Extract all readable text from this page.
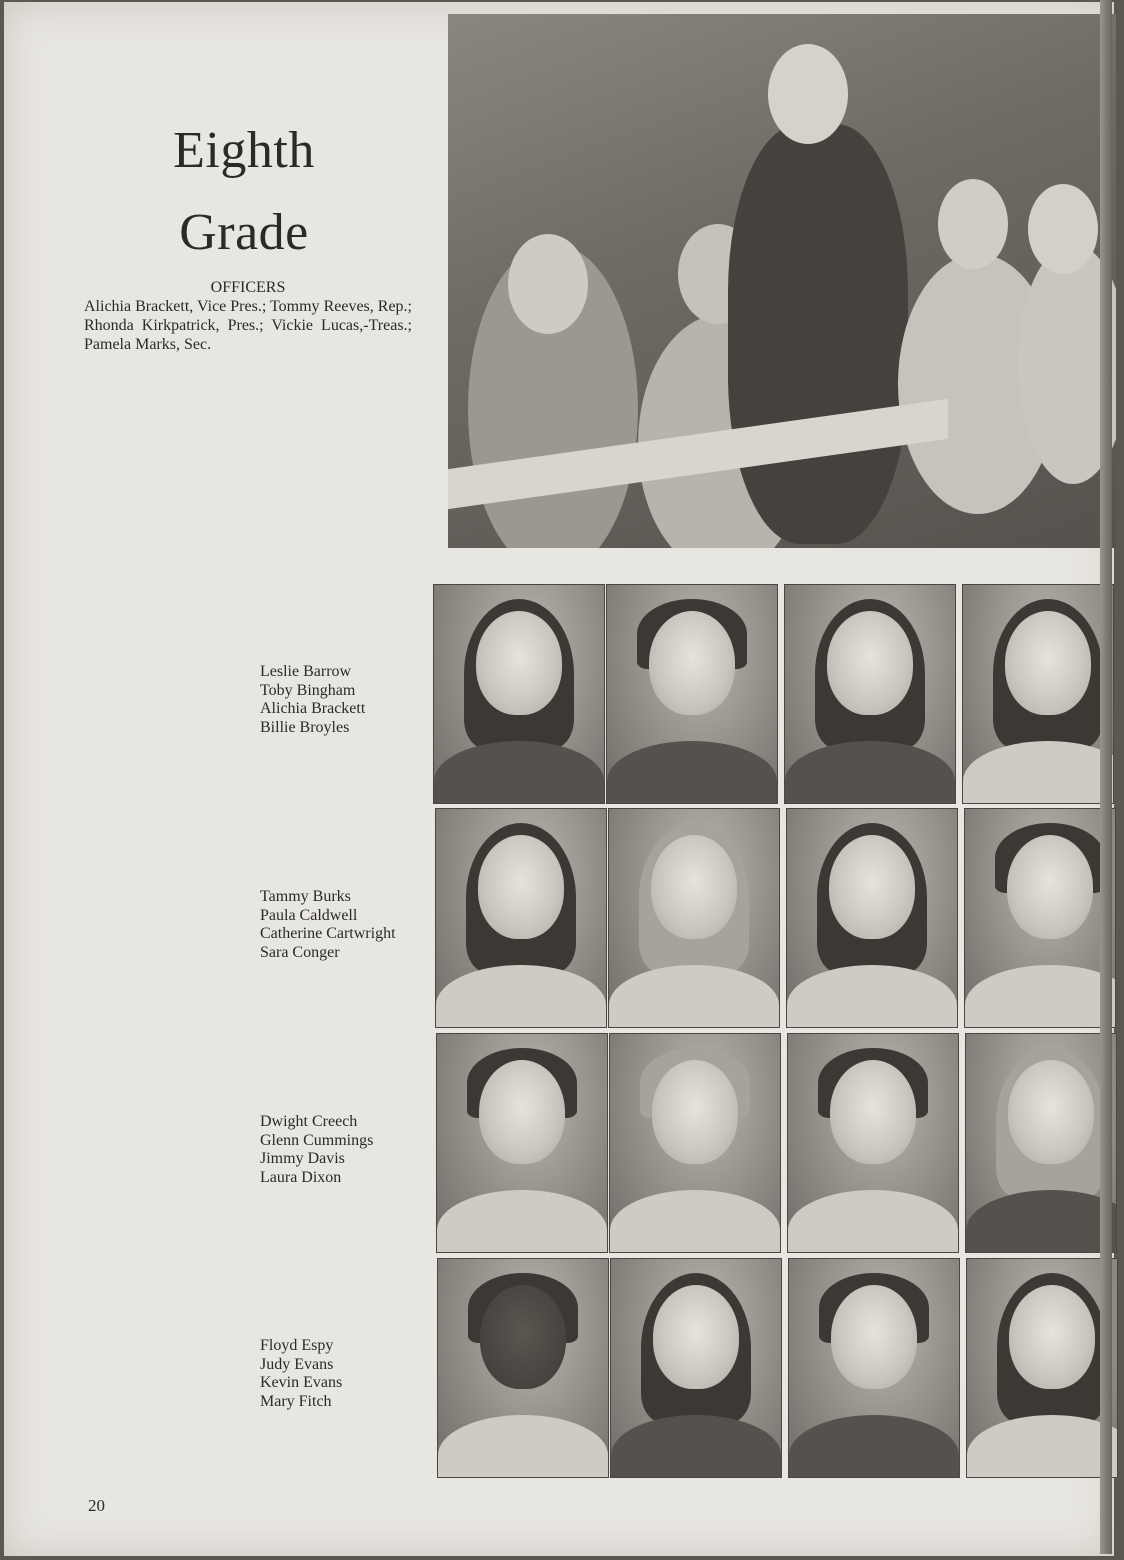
Eighth
Grade
OFFICERS
Alichia Brackett, Vice Pres.; Tommy Reeves, Rep.; Rhonda Kirkpatrick, Pres.; Vickie Lucas,-Treas.; Pamela Marks, Sec.
Leslie Barrow
Toby Bingham
Alichia Brackett
Billie Broyles
Tammy Burks
Paula Caldwell
Catherine Cartwright
Sara Conger
Dwight Creech
Glenn Cummings
Jimmy Davis
Laura Dixon
Floyd Espy
Judy Evans
Kevin Evans
Mary Fitch
20
